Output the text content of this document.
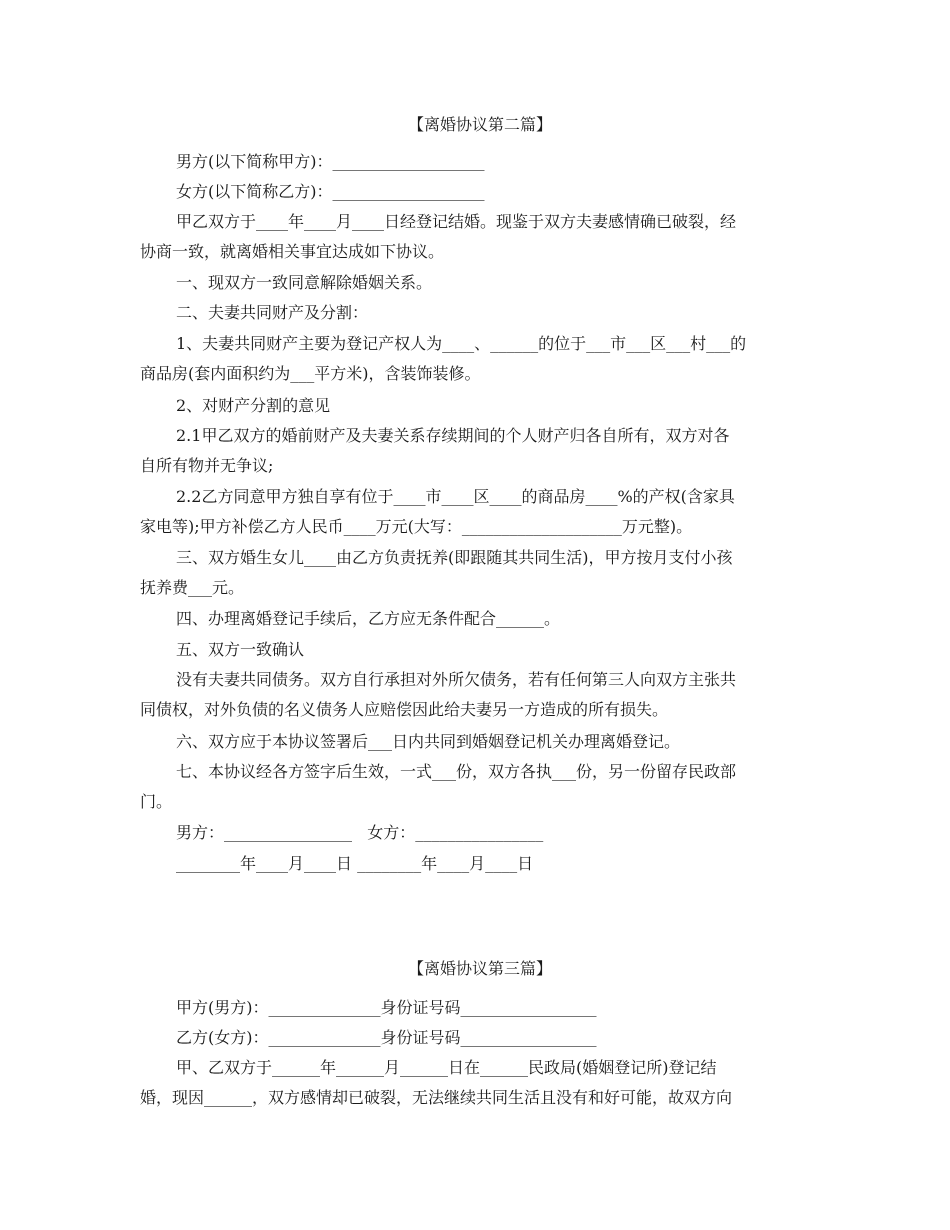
【离婚协议第二篇】
男方(以下简称甲方)：___________________
女方(以下简称乙方)：___________________
甲乙双方于____年____月____日经登记结婚。现鉴于双方夫妻感情确已破裂，经
协商一致，就离婚相关事宜达成如下协议。
一、现双方一致同意解除婚姻关系。
二、夫妻共同财产及分割：
1、夫妻共同财产主要为登记产权人为____、______的位于___市___区___村___的
商品房(套内面积约为___平方米)，含装饰装修。
2、对财产分割的意见
2.1甲乙双方的婚前财产及夫妻关系存续期间的个人财产归各自所有，双方对各
自所有物并无争议;
2.2乙方同意甲方独自享有位于____市____区____的商品房____%的产权(含家具
家电等);甲方补偿乙方人民币____万元(大写：____________________万元整)。
三、双方婚生女儿____由乙方负责抚养(即跟随其共同生活)，甲方按月支付小孩
抚养费___元。
四、办理离婚登记手续后，乙方应无条件配合______。
五、双方一致确认
没有夫妻共同债务。双方自行承担对外所欠债务，若有任何第三人向双方主张共
同债权，对外负债的名义债务人应赔偿因此给夫妻另一方造成的所有损失。
六、双方应于本协议签署后___日内共同到婚姻登记机关办理离婚登记。
七、本协议经各方签字后生效，一式___份，双方各执___份，另一份留存民政部
门。
男方：________________   女方：________________
________年____月____日 ________年____月____日
【离婚协议第三篇】
甲方(男方)：______________身份证号码_________________
乙方(女方)：______________身份证号码_________________
甲、乙双方于______年______月______日在______民政局(婚姻登记所)登记结
婚，现因______，双方感情却已破裂，无法继续共同生活且没有和好可能，故双方向
